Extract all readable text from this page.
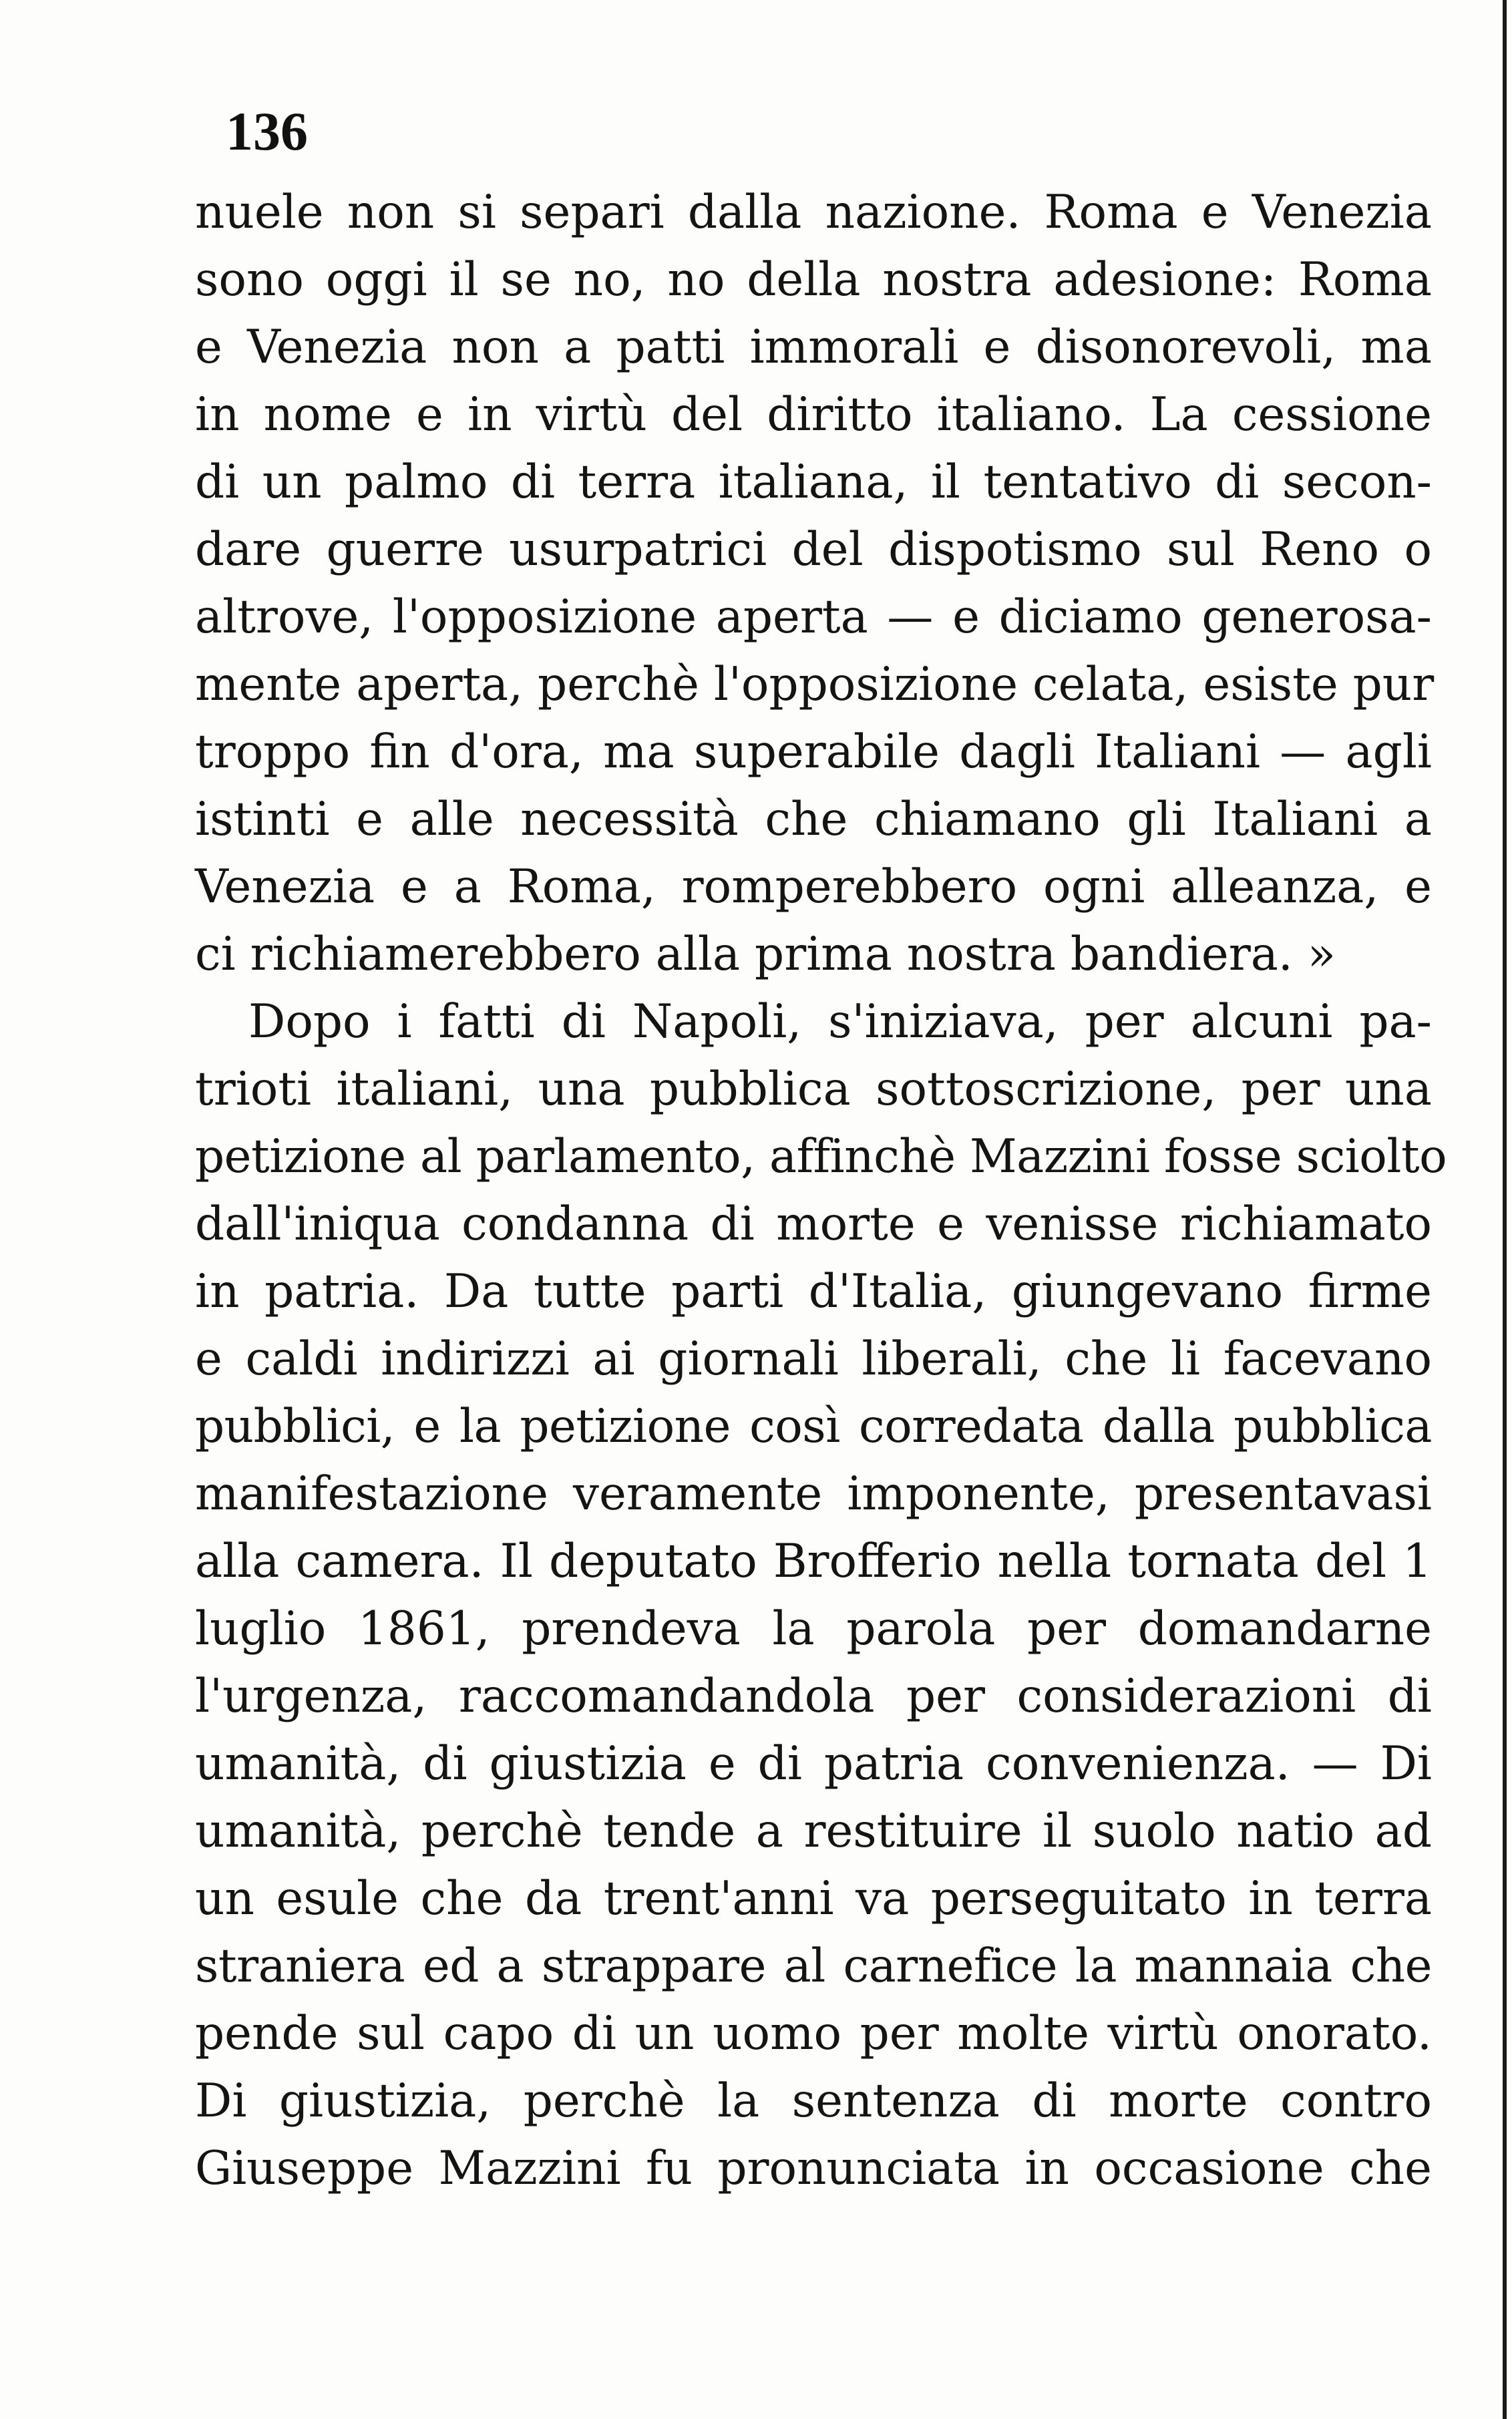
136
nuele non si separi dalla nazione. Roma e Venezia
sono oggi il se no, no della nostra adesione: Roma
e Venezia non a patti immorali e disonorevoli, ma
in nome e in virtù del diritto italiano. La cessione
di un palmo di terra italiana, il tentativo di secon-
dare guerre usurpatrici del dispotismo sul Reno o
altrove, l'opposizione aperta — e diciamo generosa-
mente aperta, perchè l'opposizione celata, esiste pur
troppo fin d'ora, ma superabile dagli Italiani — agli
istinti e alle necessità che chiamano gli Italiani a
Venezia e a Roma, romperebbero ogni alleanza, e
ci richiamerebbero alla prima nostra bandiera. »
Dopo i fatti di Napoli, s'iniziava, per alcuni pa-
trioti italiani, una pubblica sottoscrizione, per una
petizione al parlamento, affinchè Mazzini fosse sciolto
dall'iniqua condanna di morte e venisse richiamato
in patria. Da tutte parti d'Italia, giungevano firme
e caldi indirizzi ai giornali liberali, che li facevano
pubblici, e la petizione così corredata dalla pubblica
manifestazione veramente imponente, presentavasi
alla camera. Il deputato Brofferio nella tornata del 1
luglio 1861, prendeva la parola per domandarne
l'urgenza, raccomandandola per considerazioni di
umanità, di giustizia e di patria convenienza. — Di
umanità, perchè tende a restituire il suolo natio ad
un esule che da trent'anni va perseguitato in terra
straniera ed a strappare al carnefice la mannaia che
pende sul capo di un uomo per molte virtù onorato.
Di giustizia, perchè la sentenza di morte contro
Giuseppe Mazzini fu pronunciata in occasione che
